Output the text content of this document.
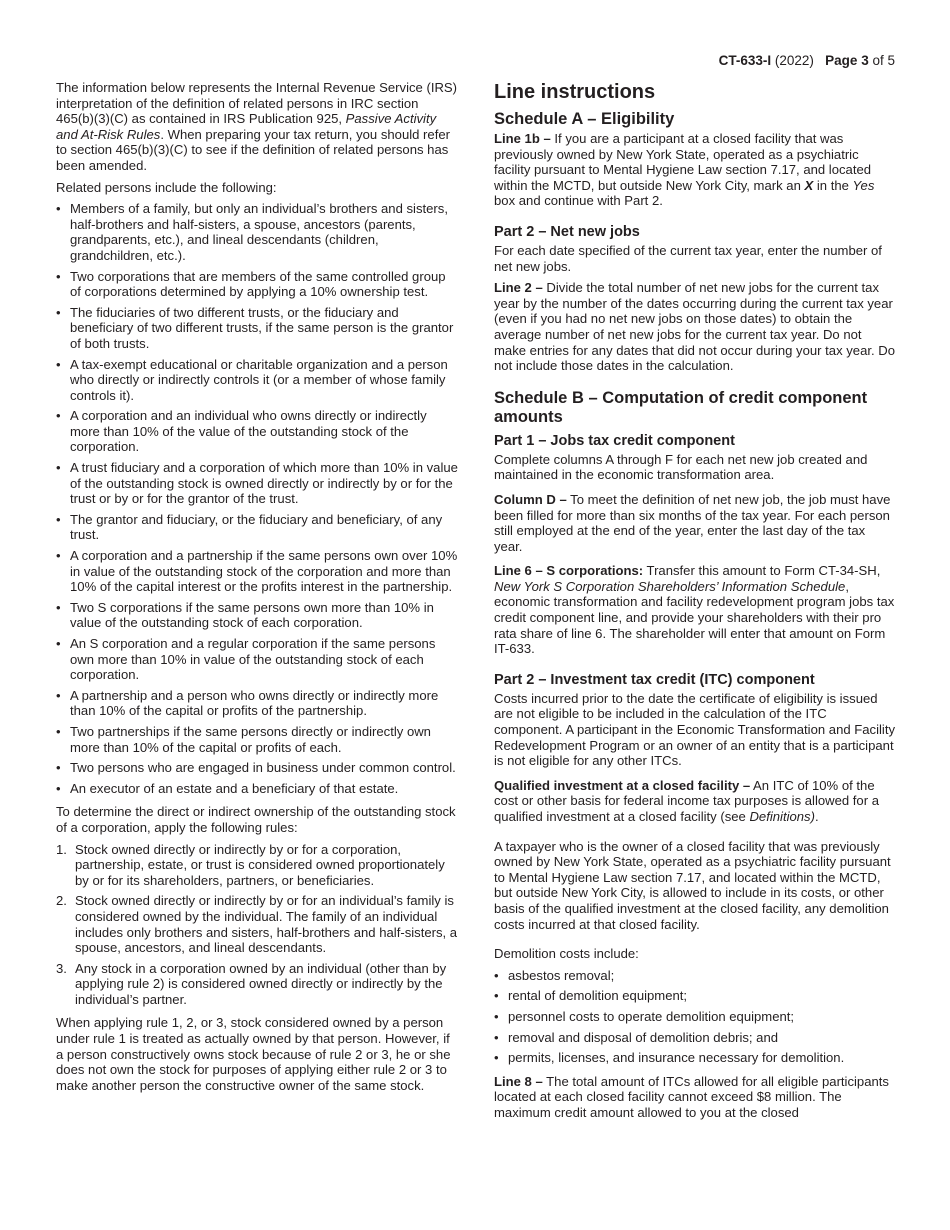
CT-633-I (2022) Page 3 of 5

The information below represents the Internal Revenue Service (IRS) interpretation of the definition of related persons in IRC section 465(b)(3)(C) as contained in IRS Publication 925, Passive Activity and At-Risk Rules. When preparing your tax return, you should refer to section 465(b)(3)(C) to see if the definition of related persons has been amended.

Related persons include the following:

• Members of a family, but only an individual’s brothers and sisters, half-brothers and half-sisters, a spouse, ancestors (parents, grandparents, etc.), and lineal descendants (children, grandchildren, etc.).
• Two corporations that are members of the same controlled group of corporations determined by applying a 10% ownership test.
• The fiduciaries of two different trusts, or the fiduciary and beneficiary of two different trusts, if the same person is the grantor of both trusts.
• A tax-exempt educational or charitable organization and a person who directly or indirectly controls it (or a member of whose family controls it).
• A corporation and an individual who owns directly or indirectly more than 10% of the value of the outstanding stock of the corporation.
• A trust fiduciary and a corporation of which more than 10% in value of the outstanding stock is owned directly or indirectly by or for the trust or by or for the grantor of the trust.
• The grantor and fiduciary, or the fiduciary and beneficiary, of any trust.
• A corporation and a partnership if the same persons own over 10% in value of the outstanding stock of the corporation and more than 10% of the capital interest or the profits interest in the partnership.
• Two S corporations if the same persons own more than 10% in value of the outstanding stock of each corporation.
• An S corporation and a regular corporation if the same persons own more than 10% in value of the outstanding stock of each corporation.
• A partnership and a person who owns directly or indirectly more than 10% of the capital or profits of the partnership.
• Two partnerships if the same persons directly or indirectly own more than 10% of the capital or profits of each.
• Two persons who are engaged in business under common control.
• An executor of an estate and a beneficiary of that estate.

To determine the direct or indirect ownership of the outstanding stock of a corporation, apply the following rules:

1. Stock owned directly or indirectly by or for a corporation, partnership, estate, or trust is considered owned proportionately by or for its shareholders, partners, or beneficiaries.
2. Stock owned directly or indirectly by or for an individual’s family is considered owned by the individual. The family of an individual includes only brothers and sisters, half-brothers and half-sisters, a spouse, ancestors, and lineal descendants.
3. Any stock in a corporation owned by an individual (other than by applying rule 2) is considered owned directly or indirectly by the individual’s partner.

When applying rule 1, 2, or 3, stock considered owned by a person under rule 1 is treated as actually owned by that person. However, if a person constructively owns stock because of rule 2 or 3, he or she does not own the stock for purposes of applying either rule 2 or 3 to make another person the constructive owner of the same stock.

Line instructions
Schedule A – Eligibility

Line 1b – If you are a participant at a closed facility that was previously owned by New York State, operated as a psychiatric facility pursuant to Mental Hygiene Law section 7.17, and located within the MCTD, but outside New York City, mark an X in the Yes box and continue with Part 2.

Part 2 – Net new jobs

For each date specified of the current tax year, enter the number of net new jobs.

Line 2 – Divide the total number of net new jobs for the current tax year by the number of the dates occurring during the current tax year (even if you had no net new jobs on those dates) to obtain the average number of net new jobs for the current tax year. Do not make entries for any dates that did not occur during your tax year. Do not include those dates in the calculation.

Schedule B – Computation of credit component amounts
Part 1 – Jobs tax credit component

Complete columns A through F for each net new job created and maintained in the economic transformation area.

Column D – To meet the definition of net new job, the job must have been filled for more than six months of the tax year. For each person still employed at the end of the year, enter the last day of the tax year.

Line 6 – S corporations: Transfer this amount to Form CT-34-SH, New York S Corporation Shareholders’ Information Schedule, economic transformation and facility redevelopment program jobs tax credit component line, and provide your shareholders with their pro rata share of line 6. The shareholder will enter that amount on Form IT-633.

Part 2 – Investment tax credit (ITC) component

Costs incurred prior to the date the certificate of eligibility is issued are not eligible to be included in the calculation of the ITC component. A participant in the Economic Transformation and Facility Redevelopment Program or an owner of an entity that is a participant is not eligible for any other ITCs.

Qualified investment at a closed facility – An ITC of 10% of the cost or other basis for federal income tax purposes is allowed for a qualified investment at a closed facility (see Definitions).

A taxpayer who is the owner of a closed facility that was previously owned by New York State, operated as a psychiatric facility pursuant to Mental Hygiene Law section 7.17, and located within the MCTD, but outside New York City, is allowed to include in its costs, or other basis of the qualified investment at the closed facility, any demolition costs incurred at that closed facility.

Demolition costs include:

• asbestos removal;
• rental of demolition equipment;
• personnel costs to operate demolition equipment;
• removal and disposal of demolition debris; and
• permits, licenses, and insurance necessary for demolition.

Line 8 – The total amount of ITCs allowed for all eligible participants located at each closed facility cannot exceed $8 million. The maximum credit amount allowed to you at the closed
